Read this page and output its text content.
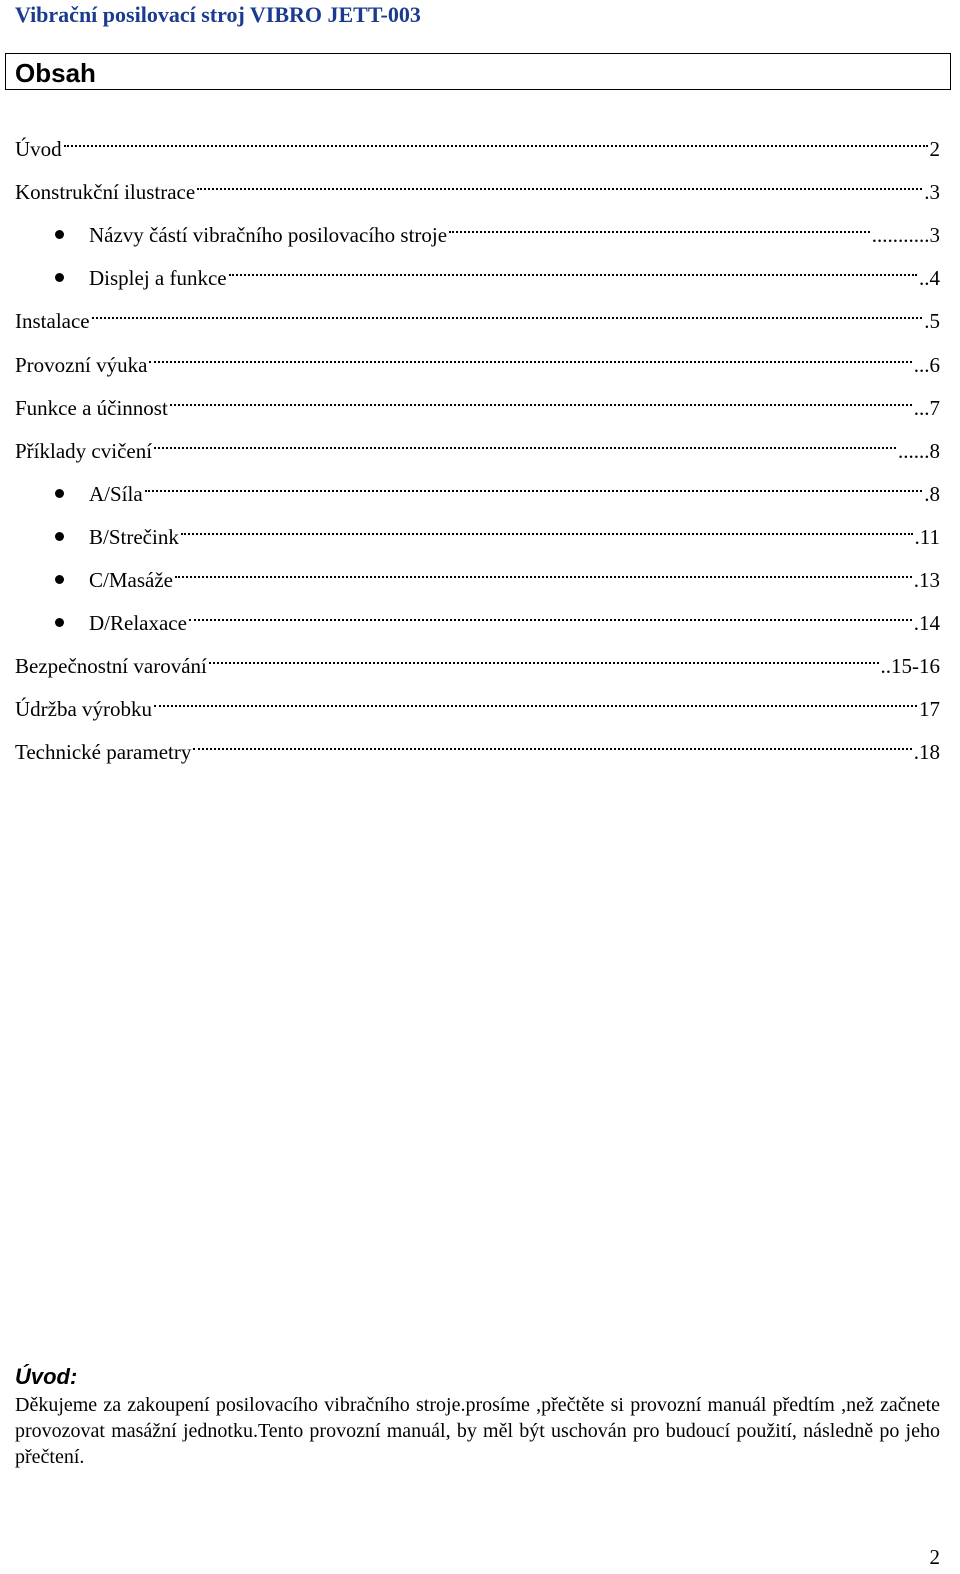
Vibrační posilovací stroj VIBRO JETT-003
Obsah
Úvod	2
Konstrukční ilustrace	.3
Názvy částí vibračního posilovacího stroje	...........3
Displej a funkce	..4
Instalace	.5
Provozní výuka	...6
Funkce a účinnost	...7
Příklady cvičení	......8
A/Síla	.8
B/Strečink	.11
C/Masáže	.13
D/Relaxace	.14
Bezpečnostní varování	..15-16
Údržba výrobku	17
Technické parametry	.18
Úvod:

Děkujeme za zakoupení posilovacího vibračního stroje.prosíme ,přečtěte si provozní manuál předtím ,než začnete provozovat masážní jednotku.Tento provozní manuál, by měl být uschován pro budoucí použití, následně po jeho přečtení.

2
